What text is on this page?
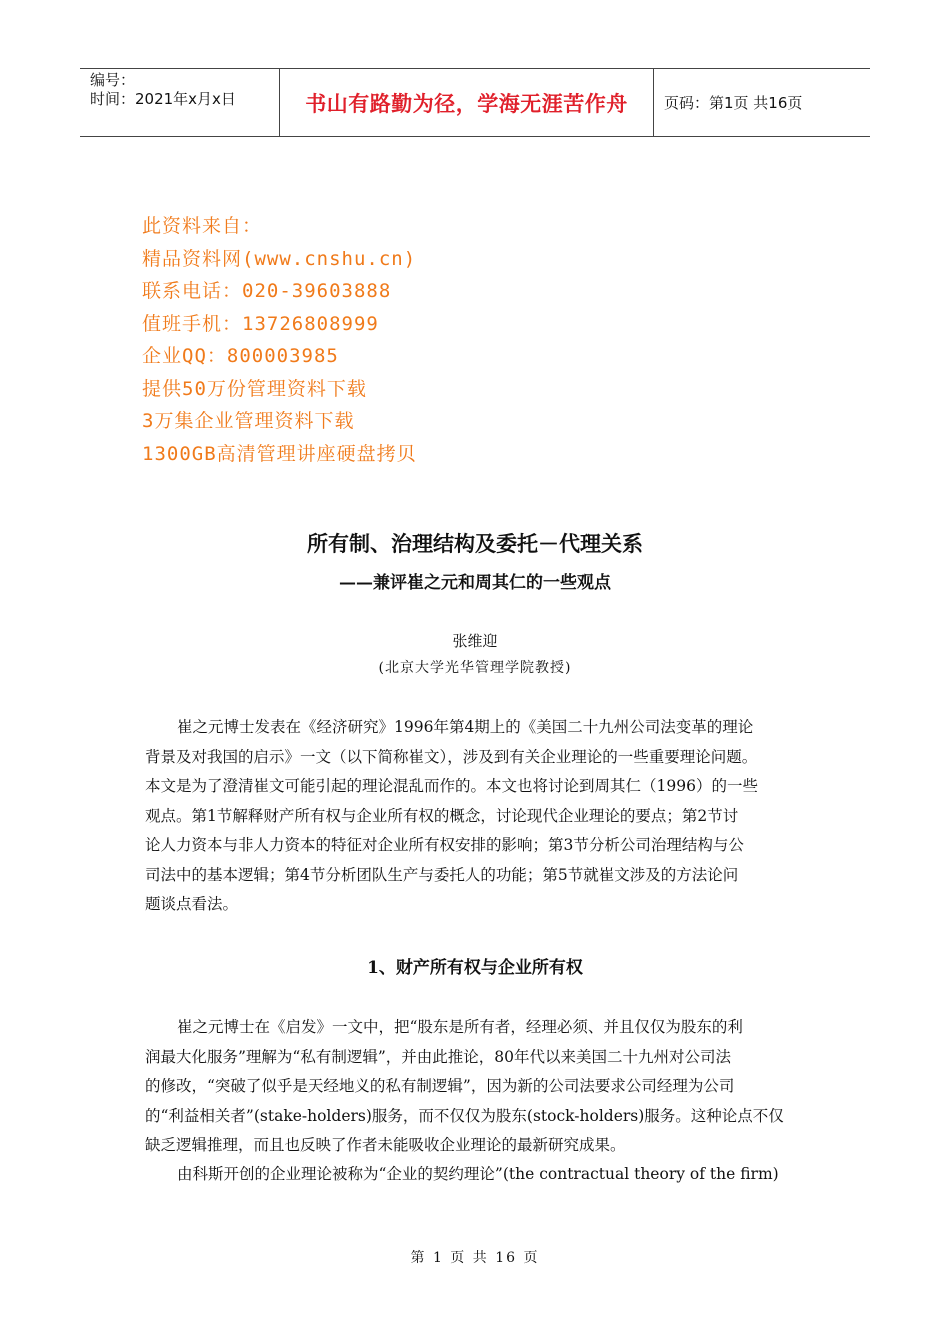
编号：
时间：2021年x月x日	书山有路勤为径，学海无涯苦作舟	页码：第1页 共16页
此资料来自：
精品资料网(www.cnshu.cn)
联系电话：020-39603888
值班手机：13726808999
企业QQ：800003985
提供50万份管理资料下载
3万集企业管理资料下载
1300GB高清管理讲座硬盘拷贝
所有制、治理结构及委托－代理关系
——兼评崔之元和周其仁的一些观点
张维迎
(北京大学光华管理学院教授)
崔之元博士发表在《经济研究》1996年第4期上的《美国二十九州公司法变革的理论
背景及对我国的启示》一文（以下简称崔文），涉及到有关企业理论的一些重要理论问题。
本文是为了澄清崔文可能引起的理论混乱而作的。本文也将讨论到周其仁（1996）的一些
观点。第1节解释财产所有权与企业所有权的概念，讨论现代企业理论的要点；第2节讨
论人力资本与非人力资本的特征对企业所有权安排的影响；第3节分析公司治理结构与公
司法中的基本逻辑；第4节分析团队生产与委托人的功能；第5节就崔文涉及的方法论问
题谈点看法。
1、财产所有权与企业所有权
崔之元博士在《启发》一文中，把“股东是所有者，经理必须、并且仅仅为股东的利
润最大化服务”理解为“私有制逻辑”，并由此推论，80年代以来美国二十九州对公司法
的修改，“突破了似乎是天经地义的私有制逻辑”，因为新的公司法要求公司经理为公司
的“利益相关者”(stake-holders)服务，而不仅仅为股东(stock-holders)服务。这种论点不仅
缺乏逻辑推理，而且也反映了作者未能吸收企业理论的最新研究成果。
由科斯开创的企业理论被称为“企业的契约理论”(the contractual theory of the firm)
第 1 页 共 16 页
